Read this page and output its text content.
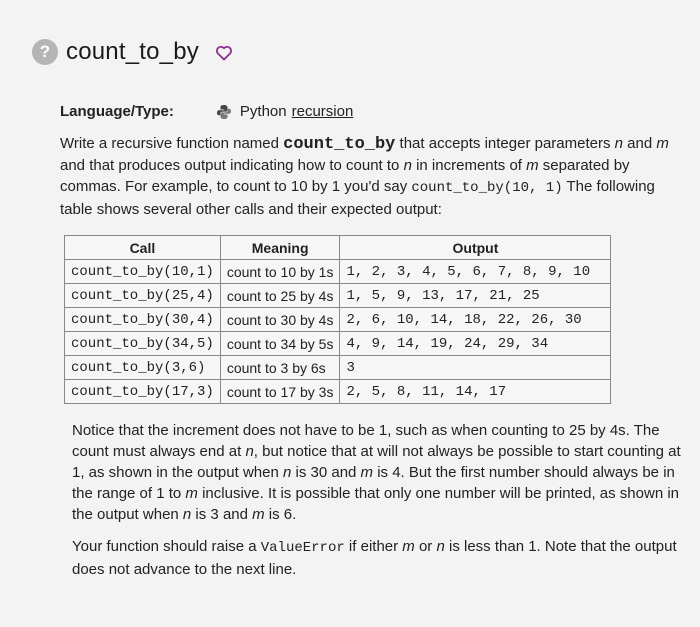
? count_to_by
Language/Type:	Python recursion
Write a recursive function named count_to_by that accepts integer parameters n and m and that produces output indicating how to count to n in increments of m separated by commas. For example, to count to 10 by 1 you'd say count_to_by(10, 1) The following table shows several other calls and their expected output:
Call	Meaning	Output
count_to_by(10,1)	count to 10 by 1s	1, 2, 3, 4, 5, 6, 7, 8, 9, 10
count_to_by(25,4)	count to 25 by 4s	1, 5, 9, 13, 17, 21, 25
count_to_by(30,4)	count to 30 by 4s	2, 6, 10, 14, 18, 22, 26, 30
count_to_by(34,5)	count to 34 by 5s	4, 9, 14, 19, 24, 29, 34
count_to_by(3,6)	count to 3 by 6s	3
count_to_by(17,3)	count to 17 by 3s	2, 5, 8, 11, 14, 17
Notice that the increment does not have to be 1, such as when counting to 25 by 4s. The count must always end at n, but notice that at will not always be possible to start counting at 1, as shown in the output when n is 30 and m is 4. But the first number should always be in the range of 1 to m inclusive. It is possible that only one number will be printed, as shown in the output when n is 3 and m is 6.
Your function should raise a ValueError if either m or n is less than 1. Note that the output does not advance to the next line.
